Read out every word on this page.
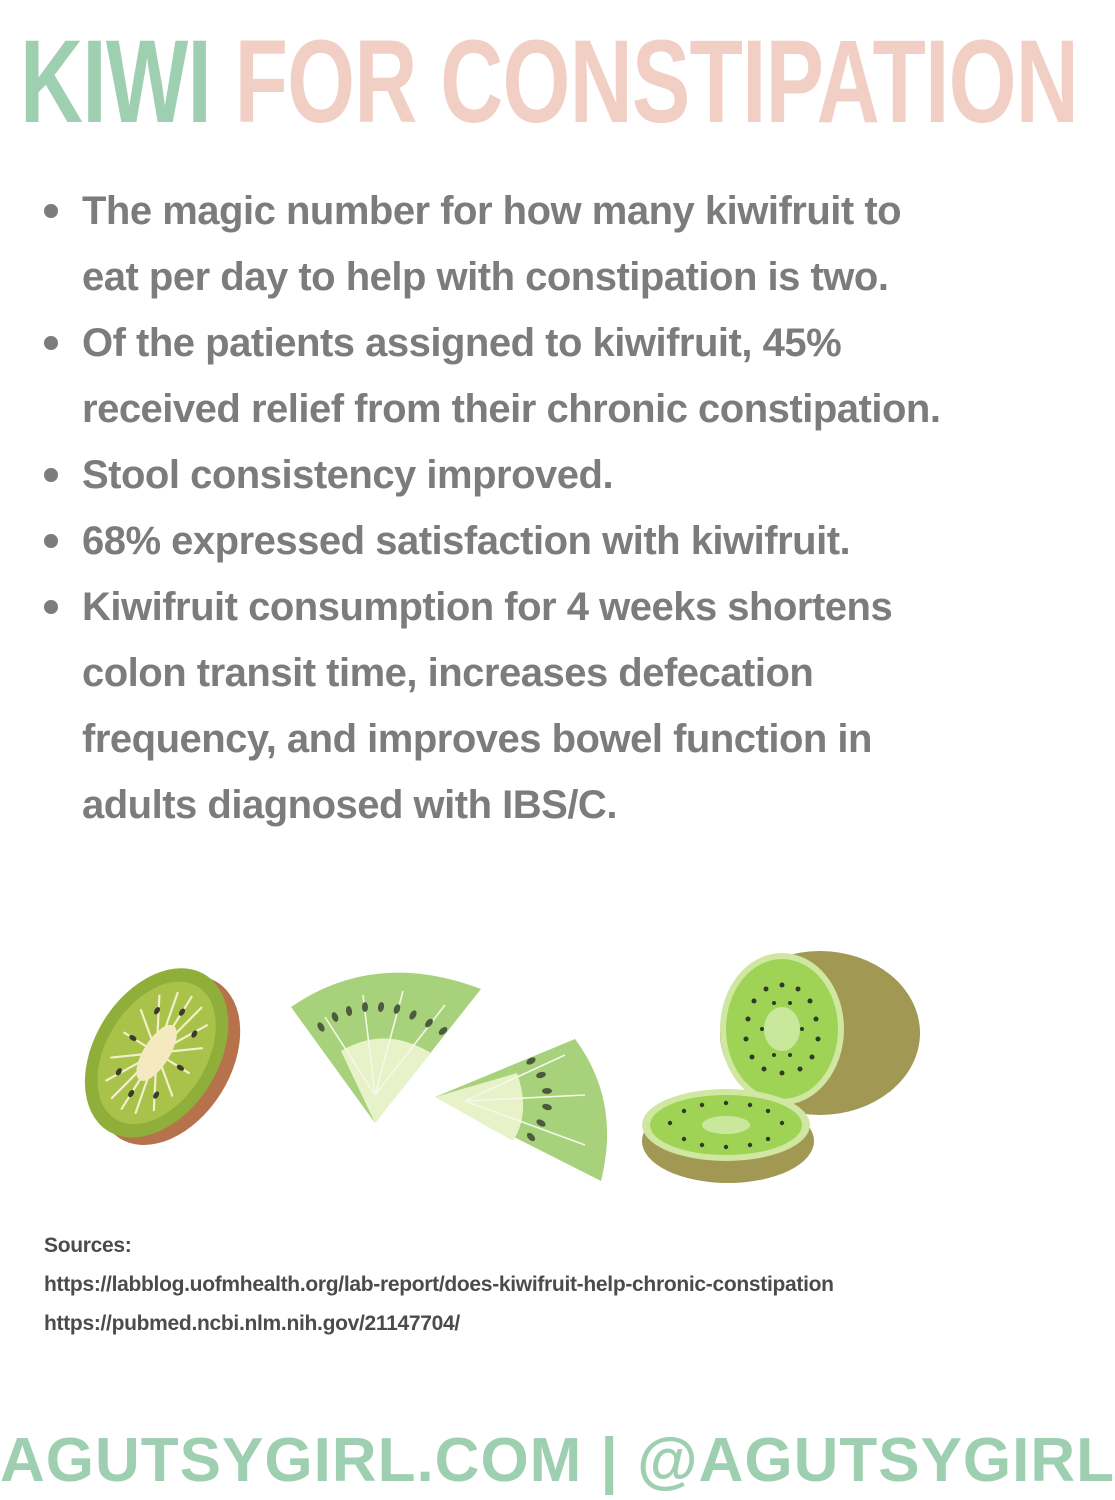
KIWI FOR CONSTIPATION
The magic number for how many kiwifruit to eat per day to help with constipation is two.
Of the patients assigned to kiwifruit, 45% received relief from their chronic constipation.
Stool consistency improved.
68% expressed satisfaction with kiwifruit.
Kiwifruit consumption for 4 weeks shortens colon transit time, increases defecation frequency, and improves bowel function in adults diagnosed with IBS/C.
Sources:
https://labblog.uofmhealth.org/lab-report/does-kiwifruit-help-chronic-constipation
https://pubmed.ncbi.nlm.nih.gov/21147704/
AGUTSYGIRL.COM | @AGUTSYGIRL
